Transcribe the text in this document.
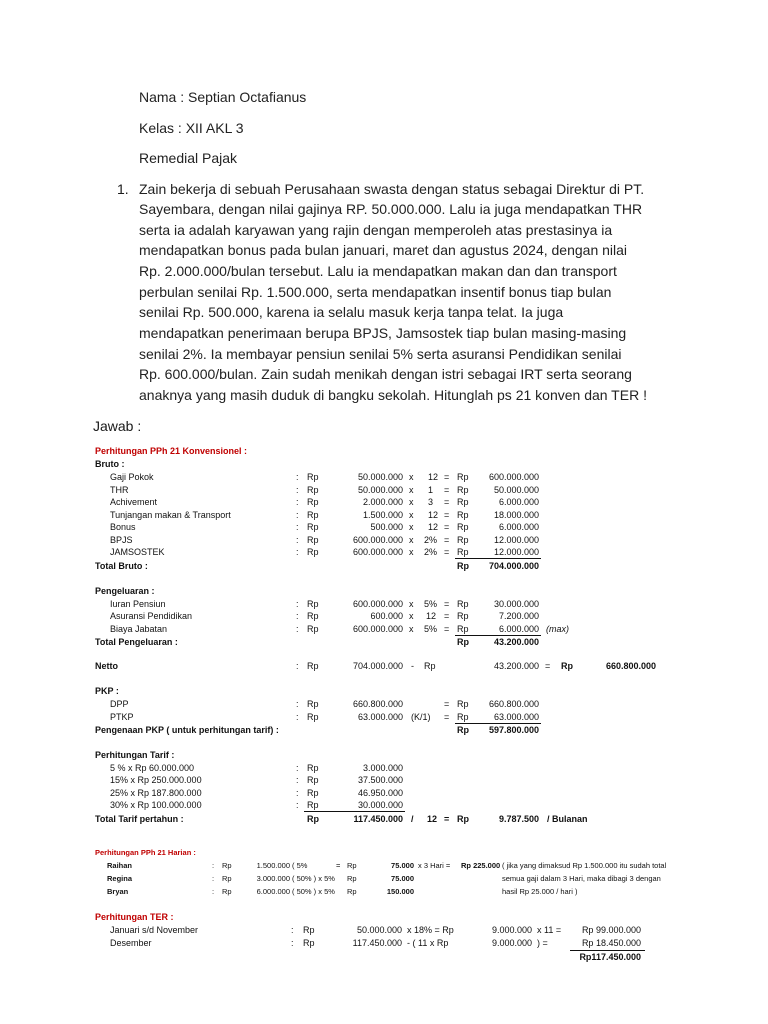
Nama : Septian Octafianus
Kelas : XII AKL 3
Remedial Pajak
1. Zain bekerja di sebuah Perusahaan swasta dengan status sebagai Direktur di PT.
Sayembara, dengan nilai gajinya RP. 50.000.000. Lalu ia juga mendapatkan THR
serta ia adalah karyawan yang rajin dengan memperoleh atas prestasinya ia
mendapatkan bonus pada bulan januari, maret dan agustus 2024, dengan nilai
Rp. 2.000.000/bulan tersebut. Lalu ia mendapatkan makan dan dan transport
perbulan senilai Rp. 1.500.000, serta mendapatkan insentif bonus tiap bulan
senilai Rp. 500.000, karena ia selalu masuk kerja tanpa telat. Ia juga
mendapatkan penerimaan berupa BPJS, Jamsostek tiap bulan masing-masing
senilai 2%. Ia membayar pensiun senilai 5% serta asuransi Pendidikan senilai
Rp. 600.000/bulan. Zain sudah menikah dengan istri sebagai IRT serta seorang
anaknya yang masih duduk di bangku sekolah. Hitunglah ps 21 konven dan TER !
Jawab :
Perhitungan PPh 21 Konvensionel :
Bruto :
Gaji Pokok	: Rp	50.000.000 x 12 = Rp 600.000.000
THR	: Rp	50.000.000 x 1 = Rp	50.000.000
Achivement	: Rp	2.000.000 x 3 = Rp	6.000.000
Tunjangan makan & Transport	: Rp	1.500.000 x 12 = Rp	18.000.000
Bonus	: Rp	500.000 x 12 = Rp	6.000.000
BPJS	: Rp	600.000.000 x 2% = Rp	12.000.000
JAMSOSTEK	: Rp	600.000.000 x 2% = Rp	12.000.000
Total Bruto :	Rp 704.000.000
Pengeluaran :
Iuran Pensiun	: Rp	600.000.000 x 5% = Rp	30.000.000
Asuransi Pendidikan	: Rp	600.000 x 12 = Rp	7.200.000
Biaya Jabatan	: Rp	600.000.000 x 5% = Rp	6.000.000 (max)
Total Pengeluaran :	Rp	43.200.000
Netto	: Rp	704.000.000 - Rp	43.200.000 = Rp	660.800.000
PKP :
DPP	: Rp	660.800.000	= Rp 660.800.000
PTKP	: Rp	63.000.000 (K/1) = Rp	63.000.000
Pengenaan PKP ( untuk perhitungan tarif) :	Rp 597.800.000
Perhitungan Tarif :
5 % x Rp 60.000.000	: Rp	3.000.000
15% x Rp 250.000.000	: Rp	37.500.000
25% x Rp 187.800.000	: Rp	46.950.000
30% x Rp 100.000.000	: Rp	30.000.000
Total Tarif pertahun :	Rp	117.450.000 / 12 = Rp	9.787.500 / Bulanan
Perhitungan PPh 21 Harian :
Raihan	: Rp	1.500.000 ( 5%	= Rp	75.000 x 3 Hari = Rp 225.000 ( jika yang dimaksud Rp 1.500.000 itu sudah total
Regina	: Rp	3.000.000 ( 50% ) x 5% Rp	75.000	semua gaji dalam 3 Hari, maka dibagi 3 dengan
Bryan	: Rp	6.000.000 ( 50% ) x 5% Rp	150.000	hasil Rp 25.000 / hari )
Perhitungan TER :
Januari s/d November	: Rp	50.000.000 x 18% = Rp	9.000.000 x 11 = Rp 99.000.000
Desember	: Rp	117.450.000 - ( 11 x Rp	9.000.000 ) =	Rp 18.450.000
Rp117.450.000
